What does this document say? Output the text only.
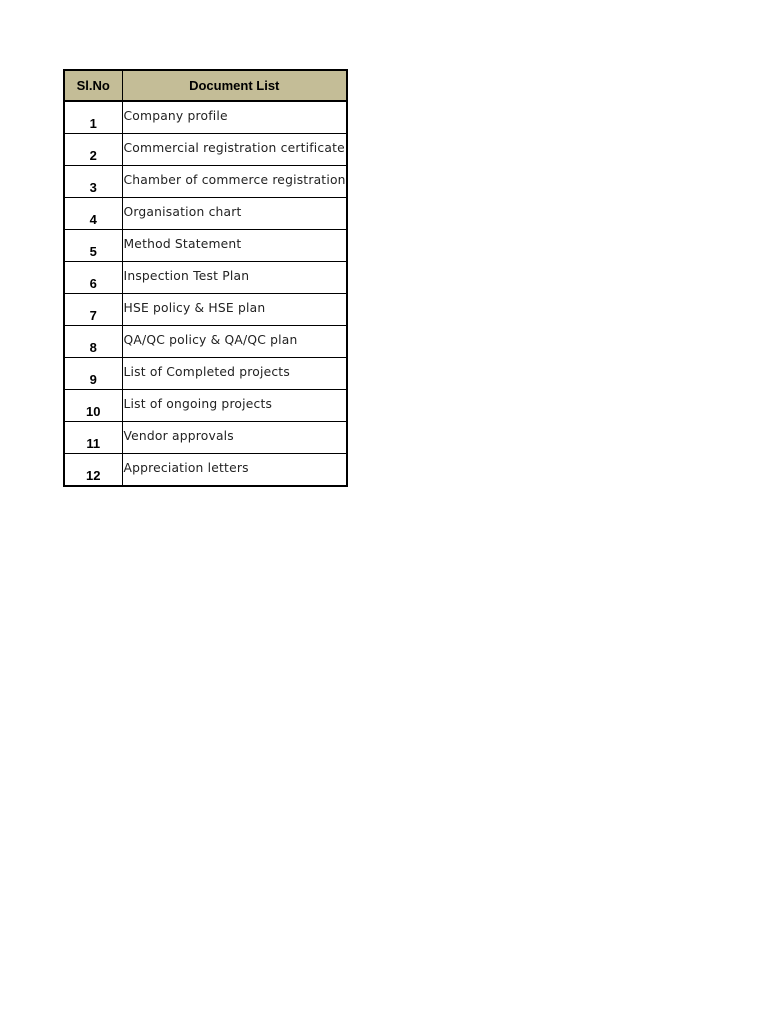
Sl.No	Document List
1	Company profile
2	Commercial registration certificate
3	Chamber of commerce registration
4	Organisation chart
5	Method Statement
6	Inspection Test Plan
7	HSE policy & HSE plan
8	QA/QC policy & QA/QC plan
9	List of Completed projects
10	List of ongoing projects
11	Vendor approvals
12	Appreciation letters
